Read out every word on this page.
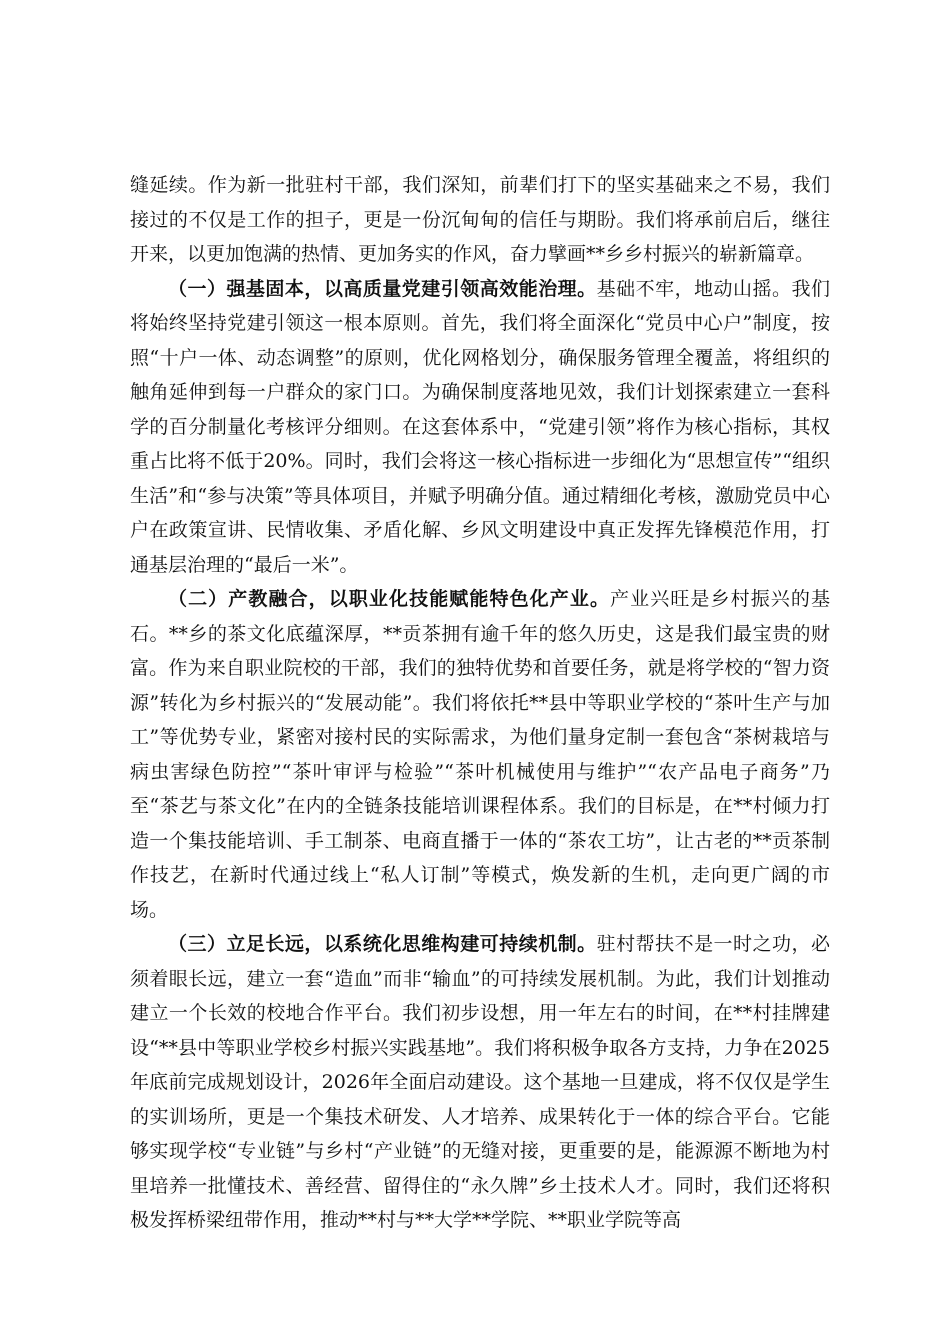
缝延续。作为新一批驻村干部，我们深知，前辈们打下的坚实基础来之不易，我们接过的不仅是工作的担子，更是一份沉甸甸的信任与期盼。我们将承前启后，继往开来，以更加饱满的热情、更加务实的作风，奋力擘画**乡乡村振兴的崭新篇章。

（一）强基固本，以高质量党建引领高效能治理。基础不牢，地动山摇。我们将始终坚持党建引领这一根本原则。首先，我们将全面深化“党员中心户”制度，按照“十户一体、动态调整”的原则，优化网格划分，确保服务管理全覆盖，将组织的触角延伸到每一户群众的家门口。为确保制度落地见效，我们计划探索建立一套科学的百分制量化考核评分细则。在这套体系中，“党建引领”将作为核心指标，其权重占比将不低于20%。同时，我们会将这一核心指标进一步细化为“思想宣传”“组织生活”和“参与决策”等具体项目，并赋予明确分值。通过精细化考核，激励党员中心户在政策宣讲、民情收集、矛盾化解、乡风文明建设中真正发挥先锋模范作用，打通基层治理的“最后一米”。

（二）产教融合，以职业化技能赋能特色化产业。产业兴旺是乡村振兴的基石。**乡的茶文化底蕴深厚，**贡茶拥有逾千年的悠久历史，这是我们最宝贵的财富。作为来自职业院校的干部，我们的独特优势和首要任务，就是将学校的“智力资源”转化为乡村振兴的“发展动能”。我们将依托**县中等职业学校的“茶叶生产与加工”等优势专业，紧密对接村民的实际需求，为他们量身定制一套包含“茶树栽培与病虫害绿色防控”“茶叶审评与检验”“茶叶机械使用与维护”“农产品电子商务”乃至“茶艺与茶文化”在内的全链条技能培训课程体系。我们的目标是，在**村倾力打造一个集技能培训、手工制茶、电商直播于一体的“茶农工坊”，让古老的**贡茶制作技艺，在新时代通过线上“私人订制”等模式，焕发新的生机，走向更广阔的市场。

（三）立足长远，以系统化思维构建可持续机制。驻村帮扶不是一时之功，必须着眼长远，建立一套“造血”而非“输血”的可持续发展机制。为此，我们计划推动建立一个长效的校地合作平台。我们初步设想，用一年左右的时间，在**村挂牌建设“**县中等职业学校乡村振兴实践基地”。我们将积极争取各方支持，力争在2025年底前完成规划设计，2026年全面启动建设。这个基地一旦建成，将不仅仅是学生的实训场所，更是一个集技术研发、人才培养、成果转化于一体的综合平台。它能够实现学校“专业链”与乡村“产业链”的无缝对接，更重要的是，能源源不断地为村里培养一批懂技术、善经营、留得住的“永久牌”乡土技术人才。同时，我们还将积极发挥桥梁纽带作用，推动**村与**大学**学院、**职业学院等高
